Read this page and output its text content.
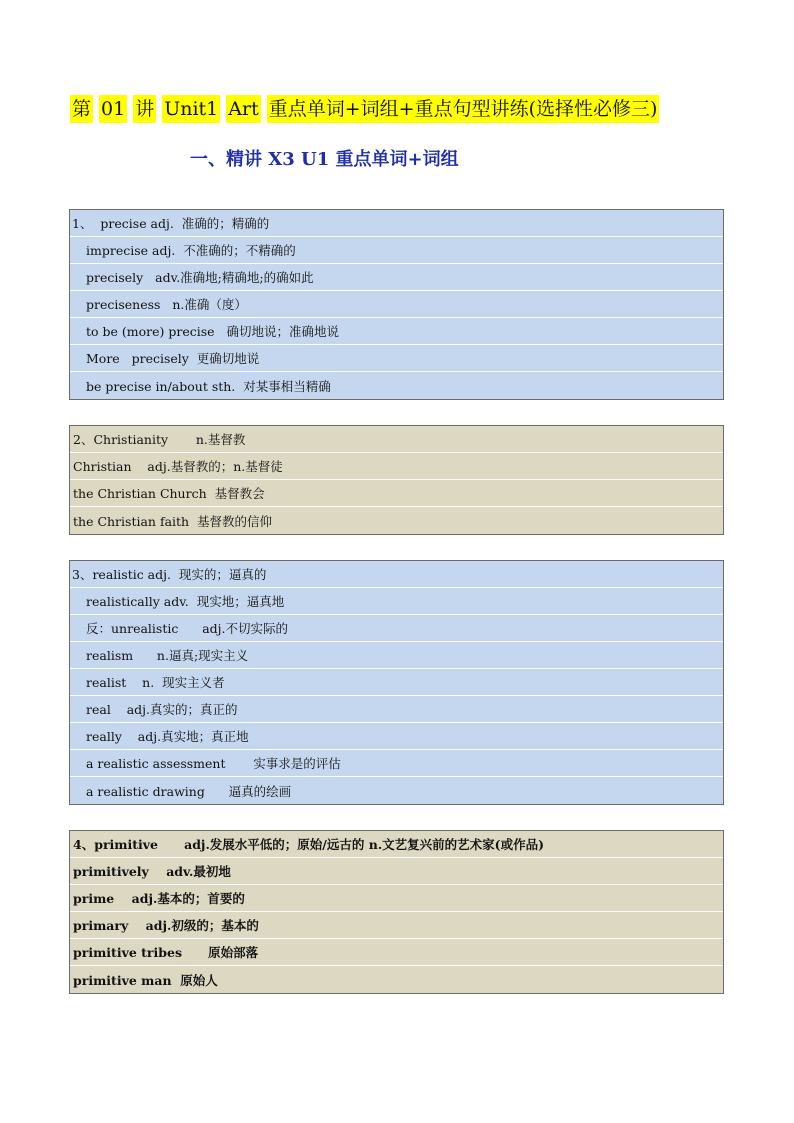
第 01 讲 Unit1 Art 重点单词+词组+重点句型讲练(选择性必修三)
一、精讲 X3 U1 重点单词+词组
1、  precise adj.  准确的；精确的
imprecise adj.  不准确的；不精确的
precisely   adv.准确地;精确地;的确如此
preciseness   n.准确（度）
to be (more) precise   确切地说；准确地说
More   precisely  更确切地说
be precise in/about sth.  对某事相当精确
2、Christianity       n.基督教
Christian    adj.基督教的；n.基督徒
the Christian Church  基督教会
the Christian faith  基督教的信仰
3、realistic adj.  现实的；逼真的
realistically adv.  现实地；逼真地
反：unrealistic      adj.不切实际的
realism      n.逼真;现实主义
realist    n.  现实主义者
real    adj.真实的；真正的
really    adj.真实地；真正地
a realistic assessment       实事求是的评估
a realistic drawing      逼真的绘画
4、primitive      adj.发展水平低的；原始/远古的 n.文艺复兴前的艺术家(或作品)
primitively    adv.最初地
prime    adj.基本的；首要的
primary    adj.初级的；基本的
primitive tribes      原始部落
primitive man  原始人
